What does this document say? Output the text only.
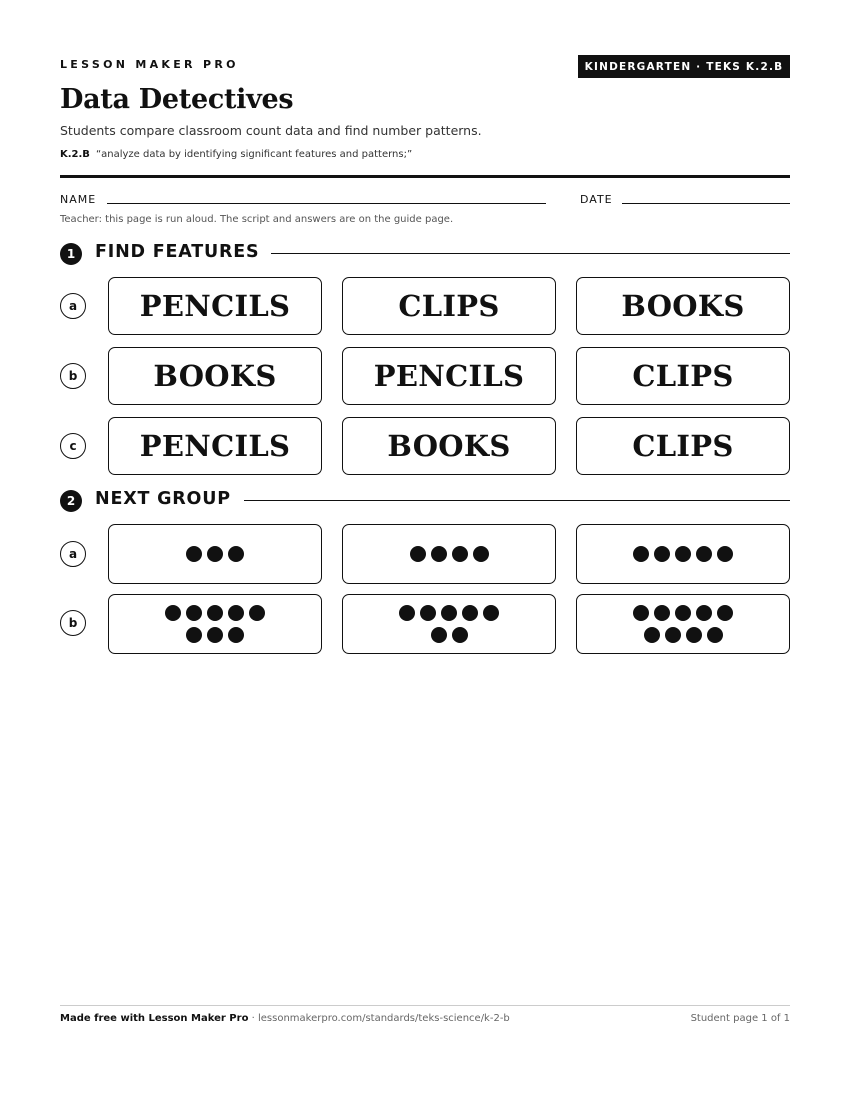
LESSON MAKER PRO	KINDERGARTEN · TEKS K.2.B
Data Detectives
Students compare classroom count data and find number patterns.
K.2.B “analyze data by identifying significant features and patterns;”
NAME	DATE
Teacher: this page is run aloud. The script and answers are on the guide page.
1	FIND FEATURES
a	PENCILS	CLIPS	BOOKS
b	BOOKS	PENCILS	CLIPS
c	PENCILS	BOOKS	CLIPS
2	NEXT GROUP
a
b
Made free with Lesson Maker Pro · lessonmakerpro.com/standards/teks-science/k-2-b	Student page 1 of 1
